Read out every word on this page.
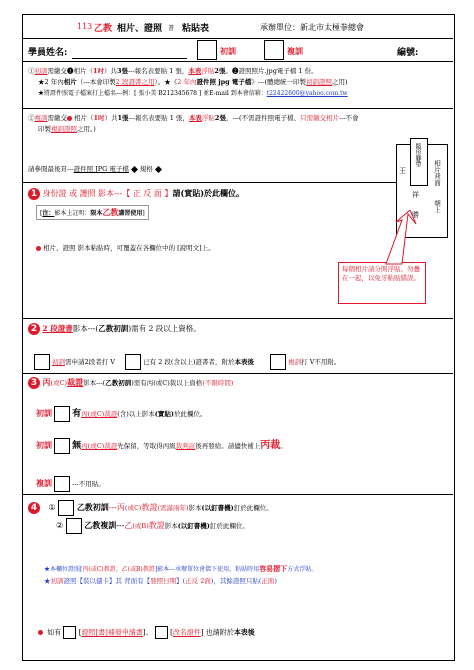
113 乙教 相片、證照 書 粘貼表	承辦單位： 新北市太極拳總會
學員姓名:	初訓	複訓	編號:
①初訓需繳交❶相片（1吋）共3張---報名表要貼 1 張，本表浮貼2張。❷證照照片.jpg電子檔 1 份。
★2 年內相片（---本會印製2 段證書之用）。★《2 年內證件照 jpg 電子檔》---(體總統一印製初訓證照之用)
★將證件照電子檔案打上檔名---例：[ 張小美 B212345678 ] 並E-mail 到本會信箱：t22422600@yahoo.com.tw
②複訓需繳交 相片（1吋）共1張---報名表要貼 1 張，本表浮貼2張，---(不需證件照電子檔、只需繳交相片---不會
印製複訓證照之用。)
請參閱最後頁---證件照 JPG 電子檔 規格
隨形腳帶
王
祥
勝
相片背面
朝上
1 身份證 或 護照 影本---【 正 反 面 】請(實貼)於此欄位。
[注：影本上註明：限本乙教講習使用]
相片、證照 影本粘貼時，可覆蓋在各欄位中的 [說明文]上。
每個相片請分開浮貼。勿疊在一起，以免牙粘貼錯誤。
2 2 段證書影本---(乙教初訓)需有 2 段以上資格。
初訓需申請2段者打 V	已有 2 段(含以上)證書者，附於本表後	複訓打 V不用附。
3 丙(或C)裁證影本---(乙教初訓)需有丙(或C)裁以上資格(不限時間)
初訓 有丙(或C)裁證(含)以上影本(實貼)於此欄位。
初訓 無丙(或C)裁證先保留，等取得丙級裁判証後再發給。請儘快補上丙裁。
複訓	---不用貼。
4 ①	乙教初訓---丙(或C)教證(需滿兩年)影本(以釘書機)釘於此欄位。
②	乙教複訓---乙(或B)教證影本(以釘書機)釘於此欄位。
★本欄位證照[丙(或C)教證、乙(或B)教證]影本---承辦單位會摺下使用，粘貼時用容易摺下方式浮貼。
★初訓證照【裝以儲卡】其 背面有【發照日期】(正反 2面)，其餘證照只貼(正面)
如有 [證照[書]補發申請書]、 [改名證件] 也請附於本表後
